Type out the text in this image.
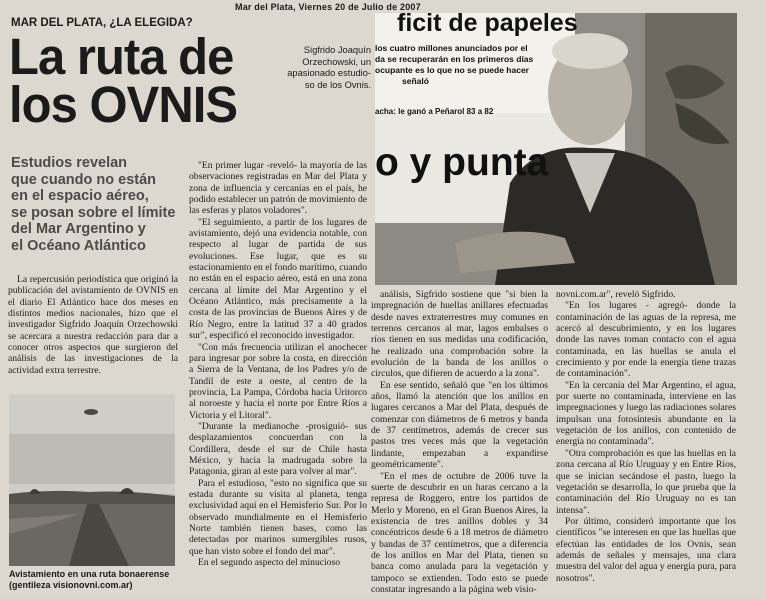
Mar del Plata, Viernes 20 de Julio de 2007
MAR DEL PLATA, ¿LA ELEGIDA?
La ruta de
los OVNIS
Estudios revelan
que cuando no están
en el espacio aéreo,
se posan sobre el límite
del Mar Argentino y
el Océano Atlántico
Sigfrido Joaquín
Orzechowski, un
apasionado estudio-
so de los Ovnis.
ficit de papeles
los cuatro millones anunciados por el
da se recuperarán en los primeros días
ocupante es lo que no se puede hacer
señaló
acha: le ganó a Peñarol 83 a 82
o y punta

La repercusión periodística que originó la publicación del avistamiento de OVNIS en el diario El Atlántico hace dos meses en distintos medios nacionales, hizo que el investigador Sigfrido Joaquín Orzechowski se acercara a nuestra redacción para dar a conocer otros aspectos que surgieron del análisis de las investigaciones de la actividad extra terrestre.

"En primer lugar -reveló- la mayoría de las observaciones registradas en Mar del Plata y zona de influencia y cercanías en el país, he podido establecer un patrón de movimiento de las esferas y platos voladores".

"El seguimiento, a partir de los lugares de avistamiento, dejó una evidencia notable, con respecto al lugar de partida de sus evoluciones. Ese lugar, que es su estacionamiento en el fondo marítimo, cuando no están en el espacio aéreo, está en una zona cercana al límite del Mar Argentino y el Océano Atlántico, más precisamente a la costa de las provincias de Buenos Aires y de Río Negro, entre la latitud 37 a 40 grados sur", especificó el reconocido investigador.

"Con más frecuencia utilizan el anochecer para ingresar por sobre la costa, en dirección a Sierra de la Ventana, de los Padres y/o de Tandil de este a oeste, al centro de la provincia, La Pampa, Córdoba hacia Uritorco al noroeste y hacia el norte por Entre Ríos a Victoria y el Litoral".

"Durante la medianoche -prosiguió- sus desplazamientos concuerdan con la Cordillera, desde el sur de Chile hasta México, y hacia la madrugada sobre la Patagonia, giran al este para volver al mar".

Para el estudioso, "esto no significa que su estada durante su visita al planeta, tenga exclusividad aquí en el Hemisferio Sur. Por lo observado mundialmente en el Hemisferio Norte también tienen bases, como las detectadas por marinos sumergibles rusos, que han visto sobre el fondo del mar".

En el segundo aspecto del minucioso

análisis, Sigfrido sostiene que "si bien la impregnación de huellas anillares efectuadas desde naves extraterrestres muy comunes en terrenos cercanos al mar, lagos embalses o ríos tienen en sus medidas una codificación, he realizado una comprobación sobre la evolución de la banda de los anillos o círculos, que difieren de acuerdo a la zona".

En ese sentido, señaló que "en los últimos años, llamó la atención que los anillos en lugares cercanos a Mar del Plata, después de comenzar con diámetros de 6 metros y banda de 37 centímetros, además de crecer sus pastos tres veces más que la vegetación lindante, empezaban a expandirse geométricamente".

"En el mes de octubre de 2006 tuve la suerte de descubrir en un haras cercano a la represa de Roggero, entre los partidos de Merlo y Moreno, en el Gran Buenos Aires, la existencia de tres anillos dobles y 34 concéntricos desde 6 a 18 metros de diámetro y bandas de 37 centímetros, que a diferencia de los anillos en Mar del Plata, tienen su banca como anulada para la vegetación y tampoco se extienden. Todo esto se puede constatar ingresando a la página web visio-

novni.com.ar", reveló Sigfrido.

"En los lugares - agregó- donde la contaminación de las aguas de la represa, me acercó al descubrimiento, y en los lugares donde las naves toman contacto con el agua contaminada, en las huellas se anula el crecimiento y por ende la energía tiene trazas de contaminación".

"En la cercanía del Mar Argentino, el agua, por suerte no contaminada, interviene en las impregnaciones y luego las radiaciones solares impulsan una fotosíntesis abundante en la vegetación de los anillos, con contenido de energía no contaminada".

"Otra comprobación es que las huellas en la zona cercana al Río Uruguay y en Entre Ríos, que se inician secándose el pasto, luego la vegetación se desarrolla, lo que prueba que la contaminación del Río Uruguay no es tan intensa".

Por último, consideró importante que los científicos "se interesen en que las huellas que efectúan las entidades de los Ovnis, sean además de señales y mensajes, una clara muestra del valor del agua y energía pura, para nosotros".

Avistamiento en una ruta bonaerense
(gentileza visionovni.com.ar)
